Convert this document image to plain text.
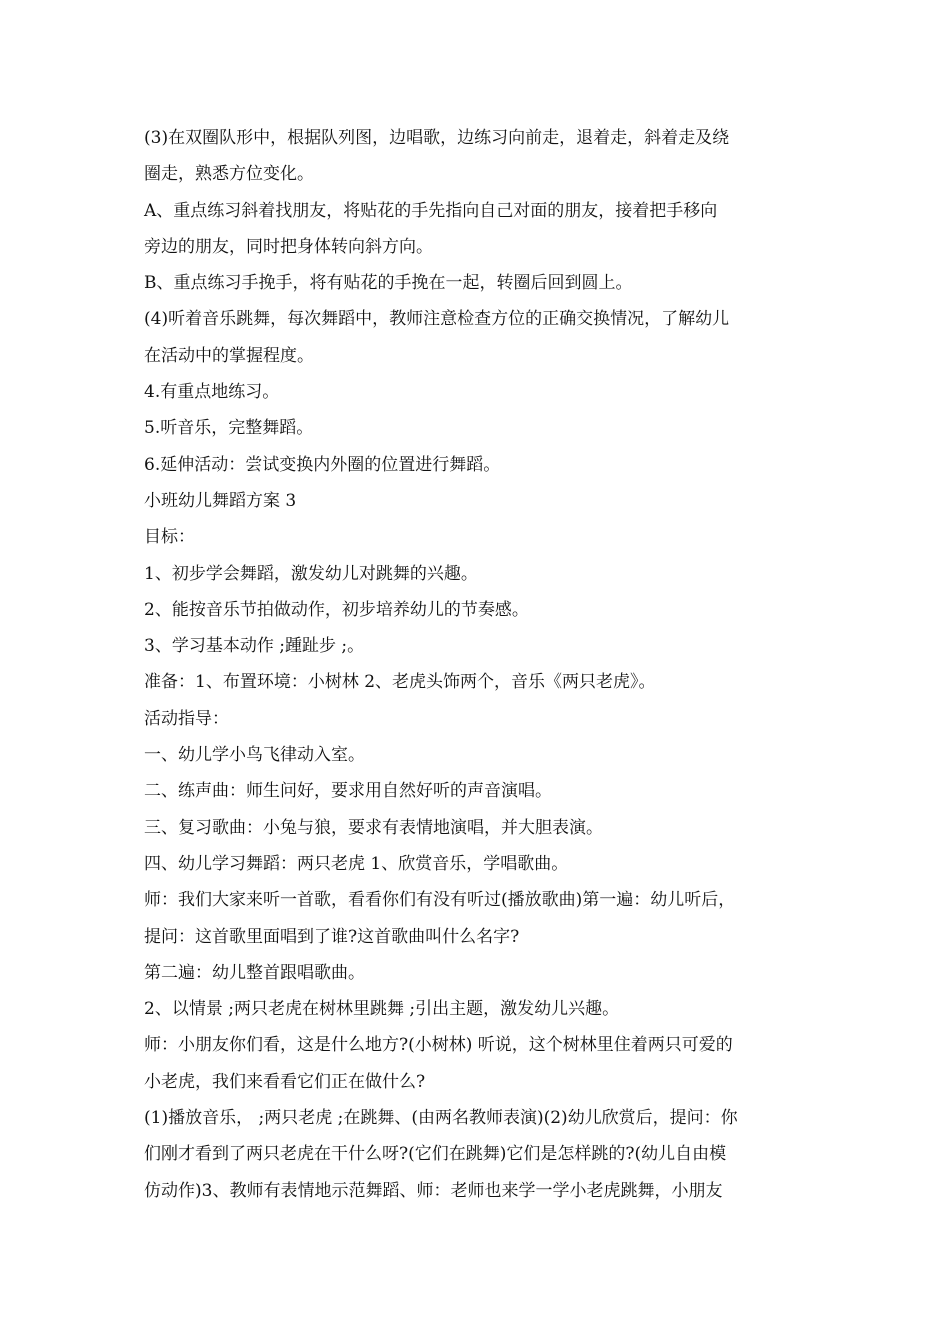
(3)在双圈队形中，根据队列图，边唱歌，边练习向前走，退着走，斜着走及绕
圈走，熟悉方位变化。
A、重点练习斜着找朋友，将贴花的手先指向自己对面的朋友，接着把手移向
旁边的朋友，同时把身体转向斜方向。
B、重点练习手挽手，将有贴花的手挽在一起，转圈后回到圆上。
(4)听着音乐跳舞，每次舞蹈中，教师注意检查方位的正确交换情况，了解幼儿
在活动中的掌握程度。
4.有重点地练习。
5.听音乐，完整舞蹈。
6.延伸活动：尝试变换内外圈的位置进行舞蹈。
小班幼儿舞蹈方案 3
目标：
1、初步学会舞蹈，激发幼儿对跳舞的兴趣。
2、能按音乐节拍做动作，初步培养幼儿的节奏感。
3、学习基本动作 ;踵趾步 ;。
准备：1、布置环境：小树林 2、老虎头饰两个，音乐《两只老虎》。
活动指导：
一、幼儿学小鸟飞律动入室。
二、练声曲：师生问好，要求用自然好听的声音演唱。
三、复习歌曲：小兔与狼，要求有表情地演唱，并大胆表演。
四、幼儿学习舞蹈：两只老虎 1、欣赏音乐，学唱歌曲。
师：我们大家来听一首歌，看看你们有没有听过(播放歌曲)第一遍：幼儿听后，
提问：这首歌里面唱到了谁?这首歌曲叫什么名字?
第二遍：幼儿整首跟唱歌曲。
2、以情景 ;两只老虎在树林里跳舞 ;引出主题，激发幼儿兴趣。
师：小朋友你们看，这是什么地方?(小树林) 听说，这个树林里住着两只可爱的
小老虎，我们来看看它们正在做什么?
(1)播放音乐， ;两只老虎 ;在跳舞、(由两名教师表演)(2)幼儿欣赏后，提问：你
们刚才看到了两只老虎在干什么呀?(它们在跳舞)它们是怎样跳的?(幼儿自由模
仿动作)3、教师有表情地示范舞蹈、师：老师也来学一学小老虎跳舞，小朋友
